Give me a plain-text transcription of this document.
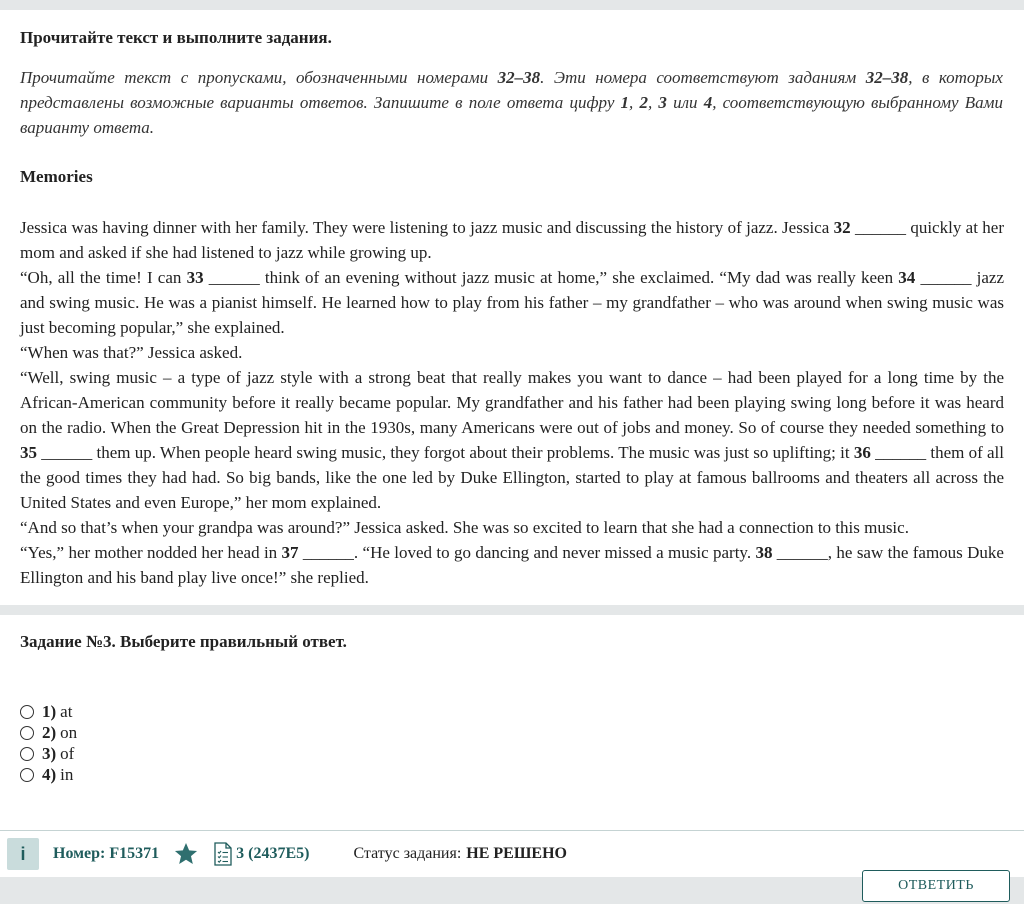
Прочитайте текст и выполните задания.
Прочитайте текст с пропусками, обозначенными номерами 32–38. Эти номера соответствуют заданиям 32–38, в которых представлены возможные варианты ответов. Запишите в поле ответа цифру 1, 2, 3 или 4, соответствующую выбранному Вами варианту ответа.
Memories

Jessica was having dinner with her family. They were listening to jazz music and discussing the history of jazz. Jessica 32 ______ quickly at her mom and asked if she had listened to jazz while growing up.

“Oh, all the time! I can 33 ______ think of an evening without jazz music at home,” she exclaimed. “My dad was really keen 34 ______ jazz and swing music. He was a pianist himself. He learned how to play from his father – my grandfather – who was around when swing music was just becoming popular,” she explained.

“When was that?” Jessica asked.

“Well, swing music – a type of jazz style with a strong beat that really makes you want to dance – had been played for a long time by the African-American community before it really became popular. My grandfather and his father had been playing swing long before it was heard on the radio. When the Great Depression hit in the 1930s, many Americans were out of jobs and money. So of course they needed something to 35 ______ them up. When people heard swing music, they forgot about their problems. The music was just so uplifting; it 36 ______ them of all the good times they had had. So big bands, like the one led by Duke Ellington, started to play at famous ballrooms and theaters all across the United States and even Europe,” her mom explained.

“And so that’s when your grandpa was around?” Jessica asked. She was so excited to learn that she had a connection to this music.

“Yes,” her mother nodded her head in 37 ______. “He loved to go dancing and never missed a music party. 38 ______, he saw the famous Duke Ellington and his band play live once!” she replied.

Задание №3. Выберите правильный ответ.
1) at
2) on
3) of
4) in
i	Номер: F15371	3 (2437E5)	Статус задания: НЕ РЕШЕНО
ОТВЕТИТЬ
